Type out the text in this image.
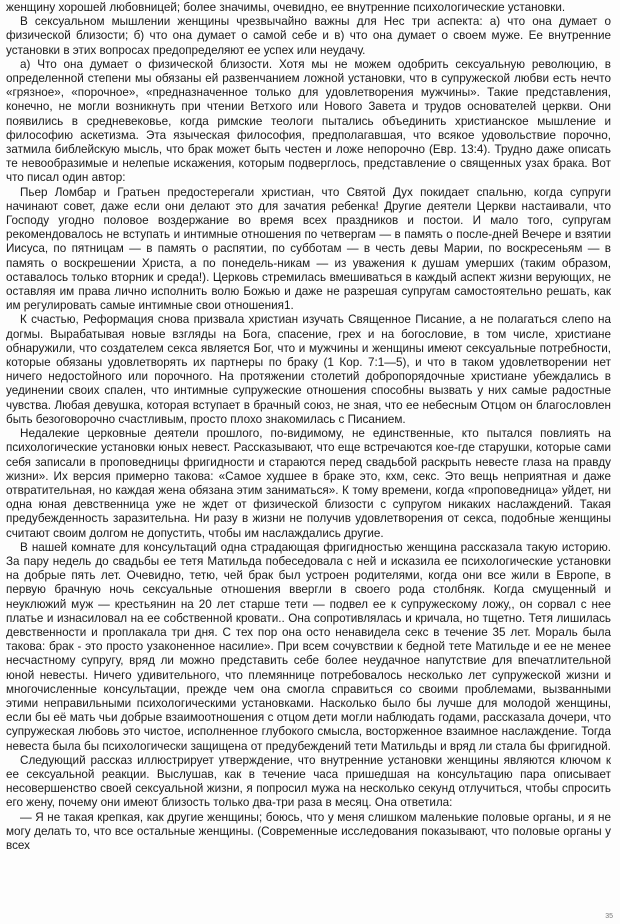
женщину хорошей любовницей; более значимы, очевидно, ее внутренние психологические установки.

В сексуальном мышлении женщины чрезвычайно важны для Нес три аспекта: а) что она думает о физической близости; б) что она думает о самой себе и в) что она думает о своем муже. Ее внутренние установки в этих вопросах предопределяют ее успех или неудачу.

а) Что она думает о физической близости. Хотя мы не можем одобрить сексуальную революцию, в определенной степени мы обязаны ей развенчанием ложной установки, что в супружеской любви есть нечто «грязное», «порочное», «предназначенное только для удовлетворения мужчины». Такие представления, конечно, не могли возникнуть при чтении Ветхого или Нового Завета и трудов основателей церкви. Они появились в средневековье, когда римские теологи пытались объединить христианское мышление и философию аскетизма. Эта языческая философия, предполагавшая, что всякое удовольствие порочно, затмила библейскую мысль, что брак может быть честен и ложе непорочно (Евр. 13:4). Трудно даже описать те невообразимые и нелепые искажения, которым подверглось, представление о священных узах брака. Вот что писал один автор:

Пьер Ломбар и Гратьен предостерегали христиан, что Святой Дух покидает спальню, когда супруги начинают совет, даже если они делают это для зачатия ребенка! Другие деятели Церкви настаивали, что Господу угодно половое воздержание во время всех праздников и постои. И мало того, супругам рекомендовалось не вступать и интимные отношения по четвергам — в память о после-дней Вечере и взятии Иисуса, по пятницам — в память о распятии, по субботам — в честь девы Марии, по воскресеньям — в память о воскрешении Христа, а по понедель-никам — из уважения к душам умерших (таким образом, оставалось только вторник и среда!). Церковь стремилась вмешиваться в каждый аспект жизни верующих, не оставляя им права лично исполнить волю Божью и даже не разрешая супругам самостоятельно решать, как им регулировать самые интимные свои отношения1.

К счастью, Реформация снова призвала христиан изучать Священное Писание, а не полагаться слепо на догмы. Вырабатывая новые взгляды на Бога, спасение, грех и на богословие, в том числе, христиане обнаружили, что создателем секса является Бог, что и мужчины и женщины имеют сексуальные потребности, которые обязаны удовлетворять их партнеры по браку (1 Кор. 7:1—5), и что в таком удовлетворении нет ничего недостойного или порочного. На протяжении столетий добропорядочные христиане убеждались в уединении своих спален, что интимные супружеские отношения способны вызвать у них самые радостные чувства. Любая девушка, которая вступает в брачный союз, не зная, что ее небесным Отцом он благословлен быть безоговорочно счастливым, просто плохо знакомилась с Писанием.

Недалекие церковные деятели прошлого, по-видимому, не единственные, кто пытался повлиять на психологические установки юных невест. Рассказывают, что еще встречаются кое-где старушки, которые сами себя записали в проповедницы фригидности и стараются перед свадьбой раскрыть невесте глаза на правду жизни». Их версия примерно такова: «Самое худшее в браке это, кхм, секс. Это вещь неприятная и даже отвратительная, но каждая жена обязана этим заниматься». К тому времени, когда «проповедница» уйдет, ни одна юная девственница уже не ждет от физической близости с супругом никаких наслаждений. Такая предубежденность заразительна. Ни разу в жизни не получив удовлетворения от секса, подобные женщины считают своим долгом не допустить, чтобы им наслаждались другие.

В нашей комнате для консультаций одна страдающая фригидностью женщина рассказала такую историю. За пару недель до свадьбы ее тетя Матильда побеседовала с ней и исказила ее психологические установки на добрые пять лет. Очевидно, тетю, чей брак был устроен родителями, когда они все жили в Европе, в первую брачную ночь сексуальные отношения ввергли в своего рода столбняк. Когда смущенный и неуклюжий муж — крестьянин на 20 лет старше тети — подвел ее к супружескому ложу,, он сорвал с нее платье и изнасиловал на ее собственной кровати.. Она сопротивлялась и кричала, но тщетно. Тетя лишилась девственности и проплакала три дня. С тех пор она осто ненавидела секс в течение 35 лет. Мораль была такова: брак - это просто узаконенное насилие». При всем сочувствии к бедной тете Матильде и ее не менее несчастному супругу, вряд ли можно представить себе более неудачное напутствие для впечатлительной юной невесты. Ничего удивительного, что племяннице потребовалось несколько лет супружеской жизни и многочисленные консультации, прежде чем она смогла справиться со своими проблемами, вызванными этими неправильными психологическими установками. Насколько было бы лучше для молодой женщины, если бы её мать чьи добрые взаимоотношения с отцом дети могли наблюдать годами, рассказала дочери, что супружеская любовь это чистое, исполненное глубокого смысла, восторженное взаимное наслаждение. Тогда невеста была бы психологически защищена от предубеждений тети Матильды и вряд ли стала бы фригидной.

Следующий рассказ иллюстрирует утверждение, что внутренние установки женщины являются ключом к ее сексуальной реакции. Выслушав, как в течение часа пришедшая на консультацию пара описывает несовершенство своей сексуальной жизни, я попросил мужа на несколько секунд отлучиться, чтобы спросить его жену, почему они имеют близость только два-три раза в месяц. Она ответила:

— Я не такая крепкая, как другие женщины; боюсь, что у меня слишком маленькие половые органы, и я не могу делать то, что все остальные женщины. (Современные исследования показывают, что половые органы у всех

35
